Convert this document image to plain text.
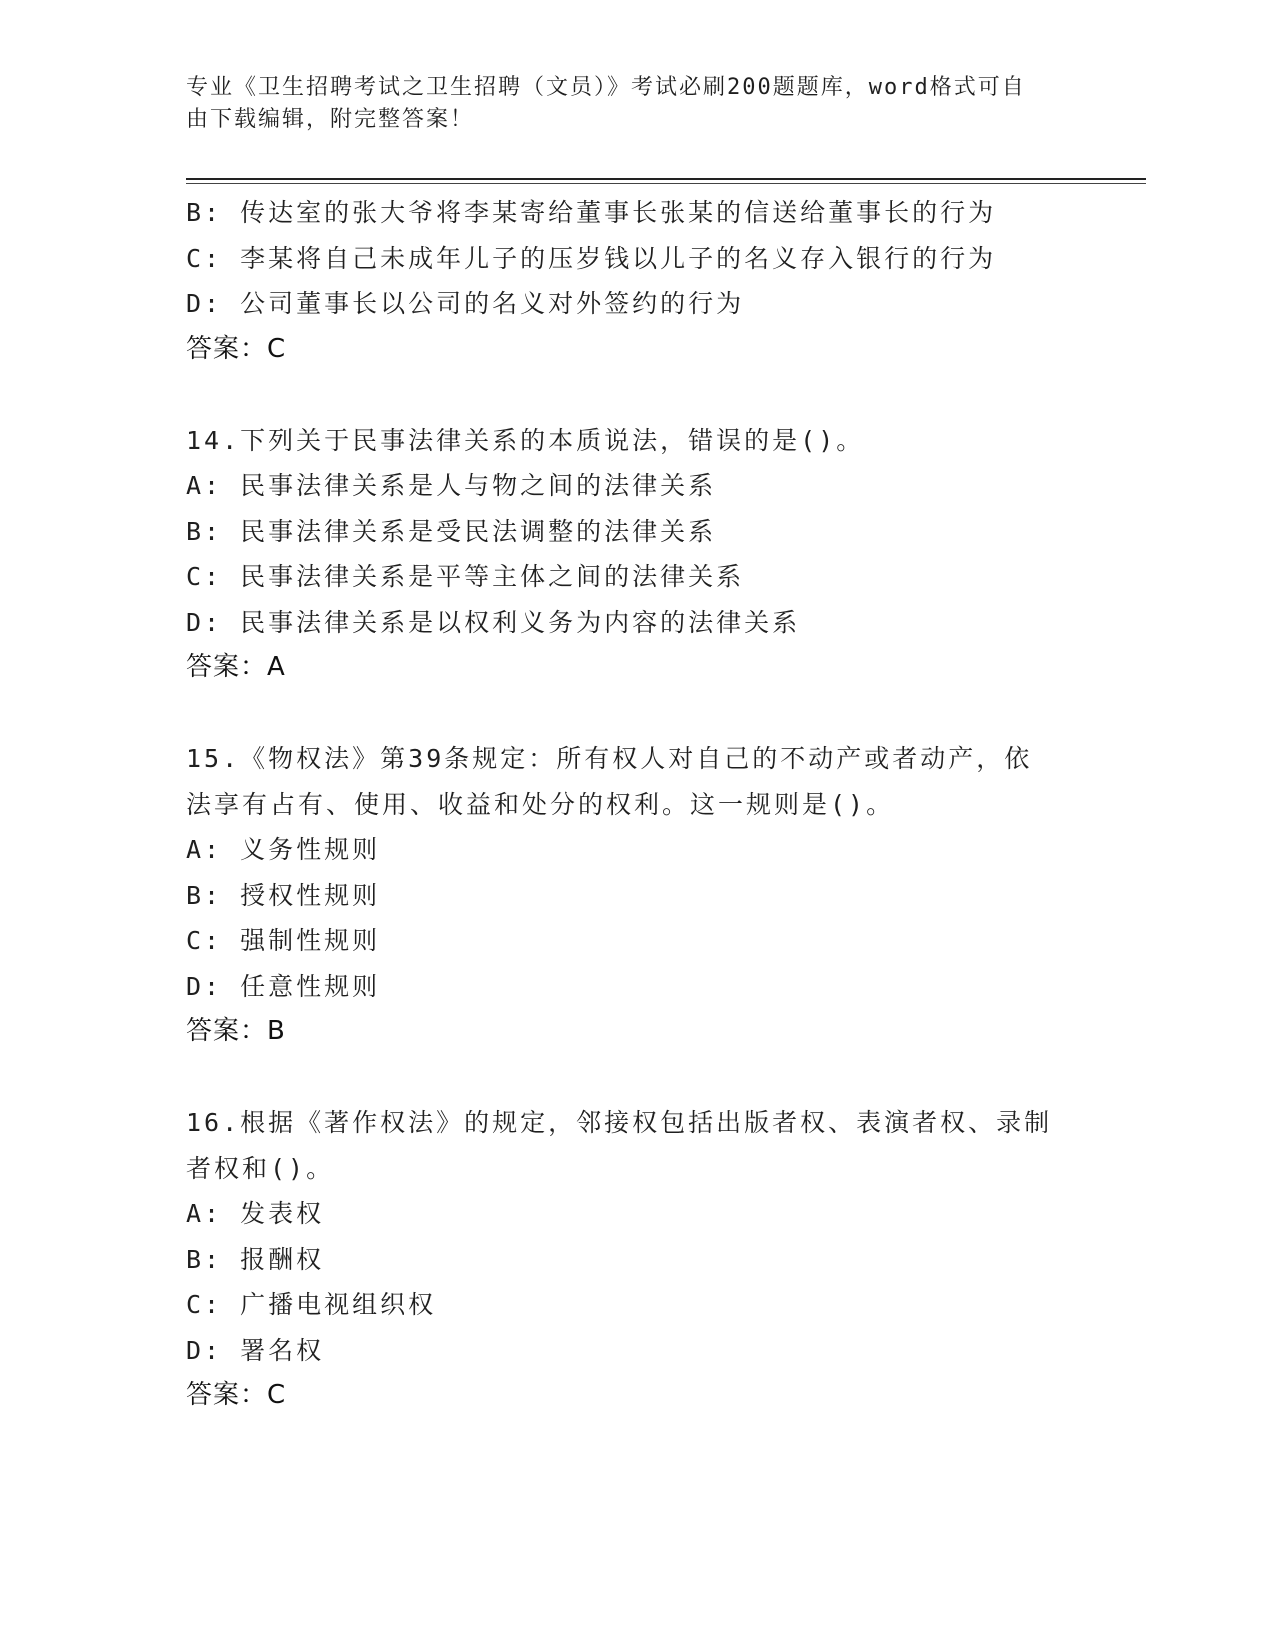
专业《卫生招聘考试之卫生招聘（文员）》考试必刷200题题库，word格式可自
由下载编辑，附完整答案！
B: 传达室的张大爷将李某寄给董事长张某的信送给董事长的行为
C: 李某将自己未成年儿子的压岁钱以儿子的名义存入银行的行为
D: 公司董事长以公司的名义对外签约的行为
答案：C
14.下列关于民事法律关系的本质说法，错误的是()。
A: 民事法律关系是人与物之间的法律关系
B: 民事法律关系是受民法调整的法律关系
C: 民事法律关系是平等主体之间的法律关系
D: 民事法律关系是以权利义务为内容的法律关系
答案：A
15.《物权法》第39条规定：所有权人对自己的不动产或者动产，依
法享有占有、使用、收益和处分的权利。这一规则是()。
A: 义务性规则
B: 授权性规则
C: 强制性规则
D: 任意性规则
答案：B
16.根据《著作权法》的规定，邻接权包括出版者权、表演者权、录制
者权和()。
A: 发表权
B: 报酬权
C: 广播电视组织权
D: 署名权
答案：C
